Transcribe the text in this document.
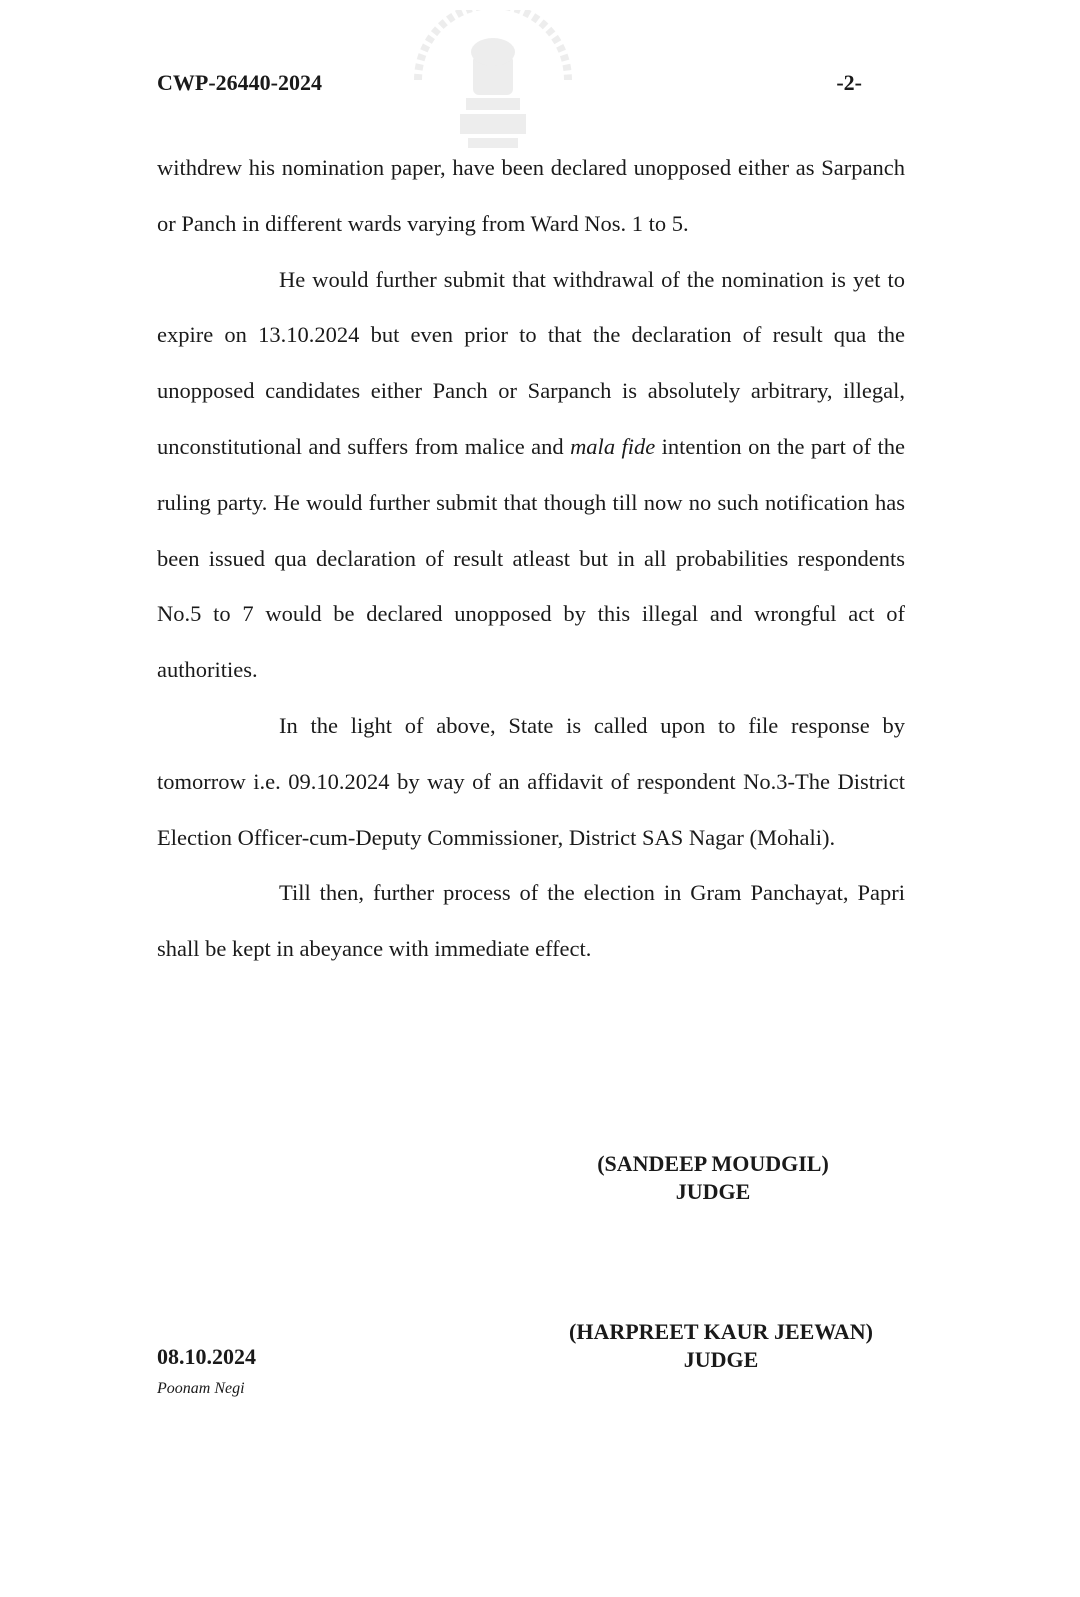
CWP-26440-2024	-2-

withdrew his nomination paper, have been declared unopposed either as Sarpanch or Panch in different wards varying from Ward Nos. 1 to 5.

He would further submit that withdrawal of the nomination is yet to expire on 13.10.2024 but even prior to that the declaration of result qua the unopposed candidates either Panch or Sarpanch is absolutely arbitrary, illegal, unconstitutional and suffers from malice and mala fide intention on the part of the ruling party. He would further submit that though till now no such notification has been issued qua declaration of result atleast but in all probabilities respondents No.5 to 7 would be declared unopposed by this illegal and wrongful act of authorities.

In the light of above, State is called upon to file response by tomorrow i.e. 09.10.2024 by way of an affidavit of respondent No.3-The District Election Officer-cum-Deputy Commissioner, District SAS Nagar (Mohali).

Till then, further process of the election in Gram Panchayat, Papri shall be kept in abeyance with immediate effect.

(SANDEEP MOUDGIL)
JUDGE
(HARPREET KAUR JEEWAN)
JUDGE
08.10.2024
Poonam Negi
